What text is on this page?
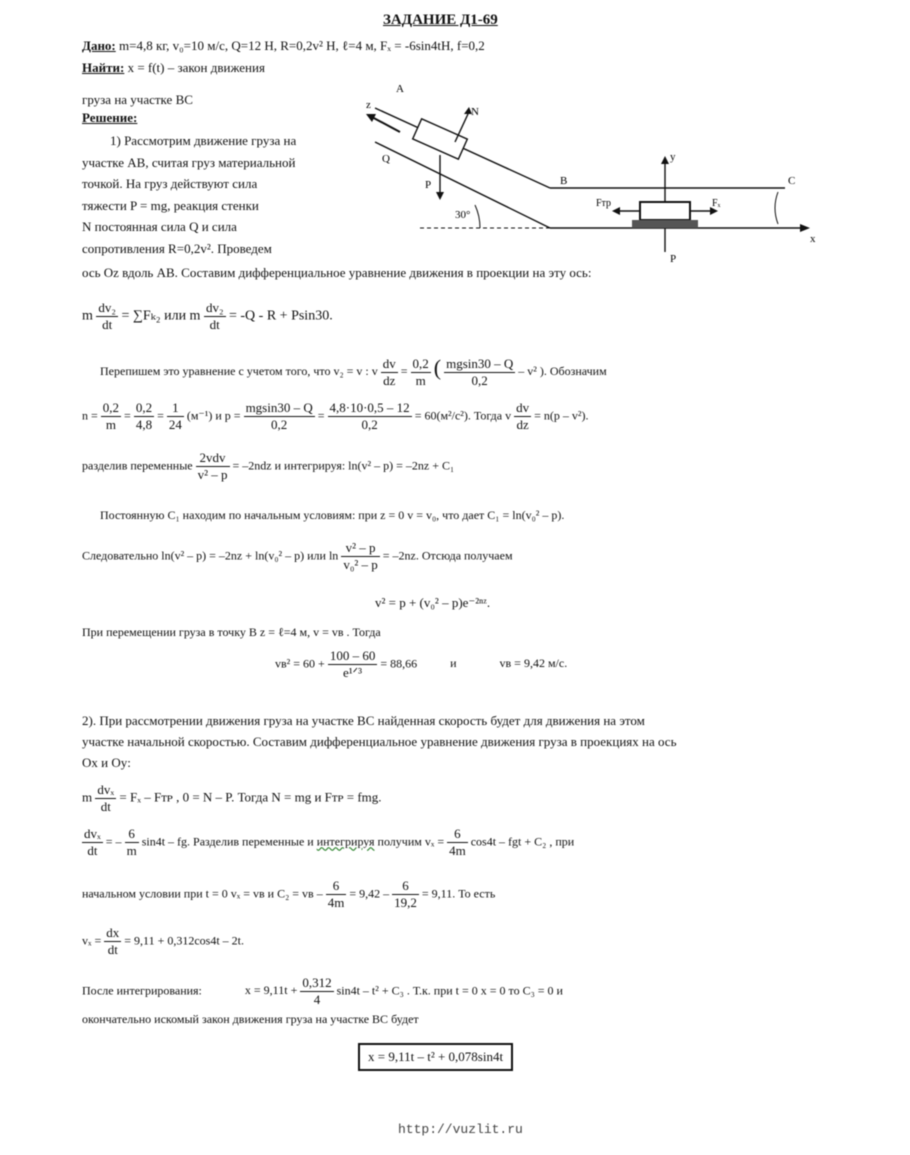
ЗАДАНИЕ Д1-69
Дано: m=4,8 кг, v₀=10 м/с, Q=12 Н, R=0,2v² Н, ℓ=4 м, Fₓ = -6sin4tН, f=0,2
Найти: x = f(t) – закон движения
груза на участке BC
Решение:
1) Рассмотрим движение груза на
участке AB, считая груз материальной
точкой. На груз действуют сила
тяжести P = mg, реакция стенки
N постоянная сила Q и сила
сопротивления R=0,2v². Проведем
A
z
N
Q
P
30°
B	C
y
x
Fтр	Fₓ
P
ось Oz вдоль AB. Составим дифференциальное уравнение движения в проекции на эту ось:
m $\frac{\text{dv₂}}{dt} = \sum F_{k2}$ или m $\frac{\text{dv₂}}{dt} = -Q - R + Psin30$.
Перепишем это уравнение с учетом того, что v₂ = v : v $\frac{dv}{dz} = \frac{0,2}{m}$ ( $\frac{mgsin30 - Q}{0,2} - v^2$ ). Обозначим
$n = \frac{0,2}{m} = \frac{0,2}{4,8} = \frac{1}{24} (м^{-1})$ и $p = \frac{mgsin30 - Q}{0,2} = \frac{4,8\cdot 10\cdot 0,5 - 12}{0,2} = 60(м^2/с^2)$. Тогда v $\frac{dv}{dz} = n(p - v^2)$.
разделив переменные $\frac{\text{2vdv}}{\text{v² – p}} = -2ndz$ и интегрируя: ln(v² – p) = –2nz + C₁
Постоянную C₁ находим по начальным условиям: при z = 0 v = v₀, что дает C₁ = ln(v₀² – p).
Следовательно ln(v² – p) = –2nz + ln(v₀² – p) или $\ln \frac{\text{v² – p}}{\text{v₀² – p}} = -2nz$. Отсюда получаем
v² = p + (v₀² – p)e⁻²ⁿᶻ.
При перемещении груза в точку B z = ℓ=4 м, v = vʙ . Тогда
vʙ² = $60 + \frac{100 - 60}{\text{e¹ᐟ³}} = 88,66$	и	vʙ = 9,42 м/с.
2). При рассмотрении движения груза на участке BC найденная скорость будет для движения на этом
участке начальной скоростью. Составим дифференциальное уравнение движения груза в проекциях на ось
Ox и Oy:
m $\frac{\text{dvₓ}}{dt} = F_x$ – Fᴛᴘ , 0 = N – P. Тогда N = mg и Fᴛᴘ = fmg.
$\frac{\text{dvₓ}}{dt}$ = – $\frac{6}{m} \sin 4t$ – fg. Разделив переменные и интегрируя получим $v_x = \frac{6}{4m} \cos 4t$ – fgt + C₂ , при
начальном условии при t = 0 vₓ = vʙ и C₂ = vʙ – $\frac{6}{4m} = 9,42 - \frac{6}{19,2} = 9,11$. То есть
$v_x = \frac{dx}{dt} = 9,11 + 0,312\cos 4t - 2t$.
После интегрирования:	$x = 9,11t + \frac{0,312}{4} \sin 4t - t^2 + C_3$ . Т.к. при t = 0 x = 0 то C₃ = 0 и
окончательно искомый закон движения груза на участке BC будет
x = 9,11t – t² + 0,078sin4t
http://vuzlit.ru
